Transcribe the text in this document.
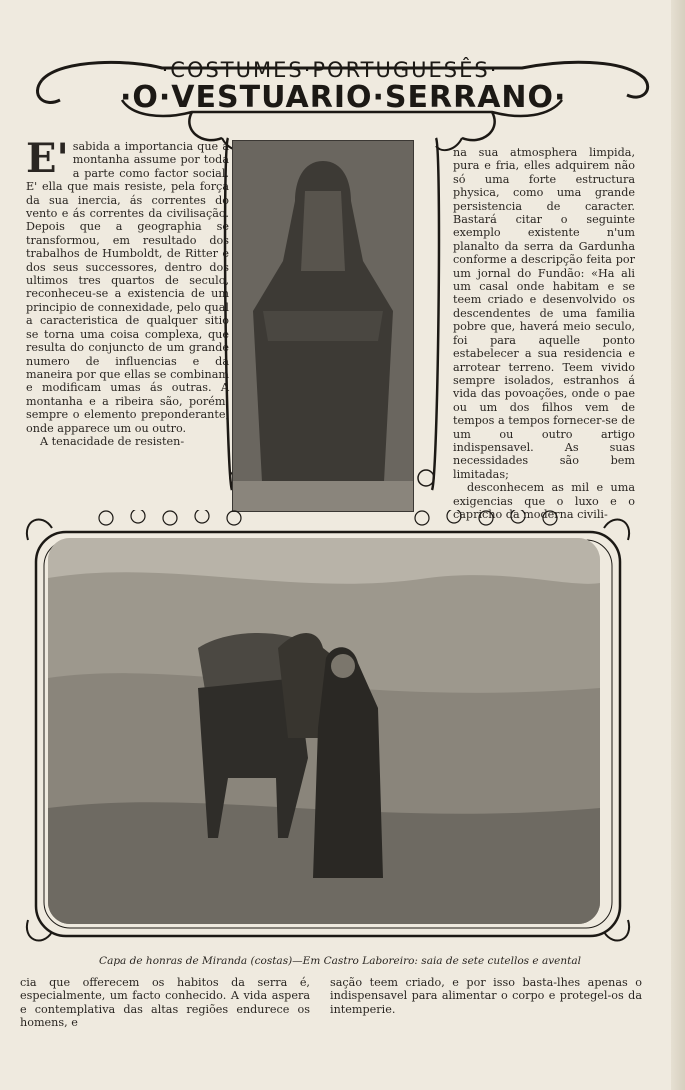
·COSTUMES·PORTUGUESÊS·
·O·VESTUARIO·SERRANO·

E' sabida a importancia que a montanha assume por toda a parte como factor social. E' ella que mais resiste, pela força da sua inercia, ás correntes do vento e ás correntes da civilisação. Depois que a geographia se transformou, em resultado dos trabalhos de Humboldt, de Ritter e dos seus successores, dentro dos ultimos tres quartos de seculo, reconheceu-se a existencia de um principio de connexidade, pelo qual a caracteristica de qualquer sitio se torna uma coisa complexa, que resulta do conjuncto de um grande numero de influencias e da maneira por que ellas se combinam e modificam umas ás outras. A montanha e a ribeira são, porém, sempre o elemento preponderante, onde apparece um ou outro.

A tenacidade de resisten-

na sua atmosphera limpida, pura e fria, elles adquirem não só uma forte estructura physica, como uma grande persistencia de caracter. Bastará citar o seguinte exemplo existente n'um planalto da serra da Gardunha conforme a descripção feita por um jornal do Fundão: «Ha ali um casal onde habitam e se teem criado e desenvolvido os descendentes de uma familia pobre que, haverá meio seculo, foi para aquelle ponto estabelecer a sua residencia e arrotear terreno. Teem vivido sempre isolados, estranhos á vida das povoações, onde o pae ou um dos filhos vem de tempos a tempos fornecer-se de um ou outro artigo indispensavel. As suas necessidades são bem limitadas;

desconhecem as mil e uma exigencias que o luxo e o capricho da moderna civili-

Capa de honras de Miranda (costas)—Em Castro Laboreiro: saia de sete cutellos e avental
cia que offerecem os habitos da serra é, especialmente, um facto conhecido. A vida aspera e contemplativa das altas regiões endurece os homens, e
sação teem criado, e por isso basta-lhes apenas o indispensavel para alimentar o corpo e protegel-os da intemperie.
